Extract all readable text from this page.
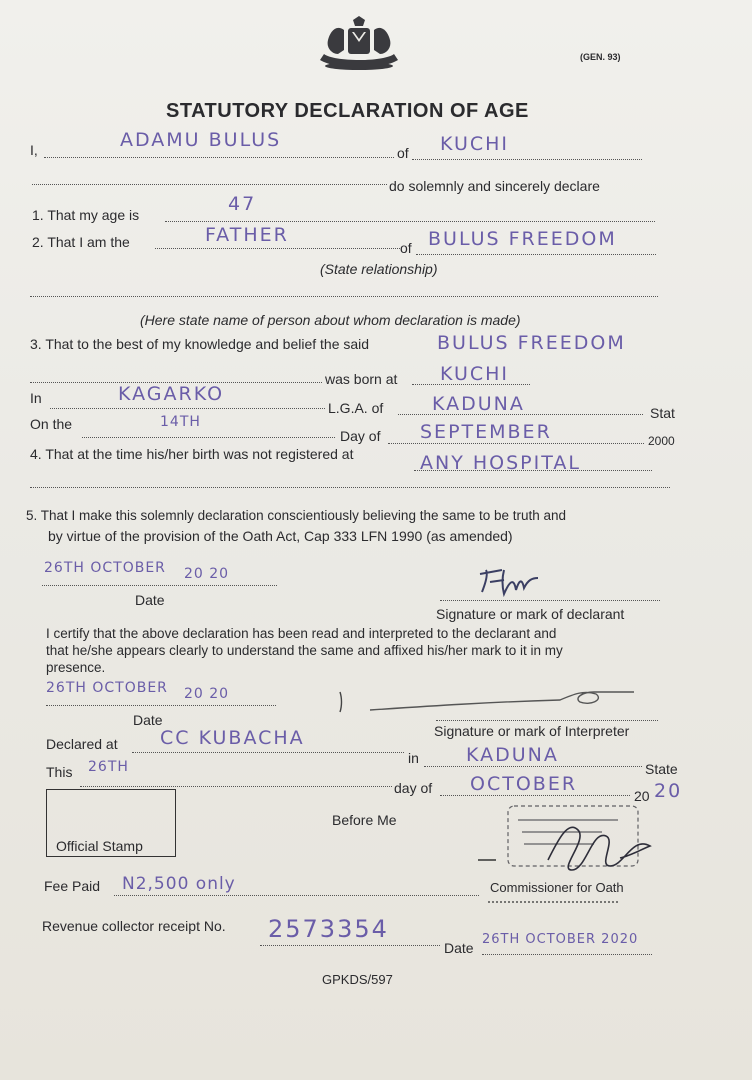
(GEN. 93)
STATUTORY DECLARATION OF AGE
I,	ADAMU BULUS
of KUCHI
do solemnly and sincerely declare
1. That my age is	47
2. That I am the	FATHER
of BULUS FREEDOM
(State relationship)
(Here state name of person about whom declaration is made)
3. That to the best of my knowledge and belief the said	BULUS FREEDOM
was born at KUCHI
In	KAGARKO
L.G.A. of	KADUNA	Stat
On the	14TH
Day of SEPTEMBER	2000
4. That at the time his/her birth was not registered at	ANY HOSPITAL
5. That I make this solemnly declaration conscientiously believing the same to be truth and
by virtue of the provision of the Oath Act, Cap 333 LFN 1990 (as amended)
26TH OCTOBER 20 20
Date
Signature or mark of declarant
I certify that the above declaration has been read and interpreted to the declarant and
that he/she appears clearly to understand the same and affixed his/her mark to it in my
presence.
26TH OCTOBER 20 20
Date
Signature or mark of Interpreter
Declared at CC KUBACHA
in KADUNA
State
This 26TH
day of OCTOBER
20 20
Official Stamp
Before Me
Commissioner for Oath
Fee Paid N2,500 only
Revenue collector receipt No. 2573354
Date
26TH OCTOBER 2020
GPKDS/597
